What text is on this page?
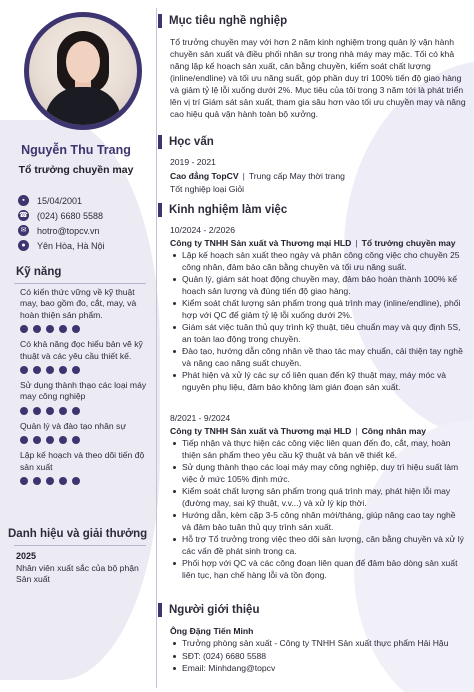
Nguyễn Thu Trang
Tổ trưởng chuyền may
▪	15/04/2001
☎ (024) 6680 5588
✉ hotro@topcv.vn
●	Yên Hòa, Hà Nội
Kỹ năng
Có kiến thức vững về kỹ thuật may, bao gồm đo, cắt, may, và hoàn thiện sản phẩm.
Có khả năng đọc hiểu bản vẽ kỹ thuật và các yêu cầu thiết kế.
Sử dụng thành thạo các loại máy may công nghiệp
Quản lý và đào tạo nhân sự
Lập kế hoạch và theo dõi tiến độ sản xuất
Danh hiệu và giải thưởng
2025
Nhân viên xuất sắc của bộ phận Sản xuất
Mục tiêu nghề nghiệp
Tổ trưởng chuyền may với hơn 2 năm kinh nghiệm trong quản lý vận hành chuyền sản xuất và điều phối nhân sự trong nhà máy may mặc. Tối có khả năng lập kế hoạch sản xuất, cân bằng chuyền, kiểm soát chất lượng (inline/endline) và tối ưu năng suất, góp phần duy trì 100% tiến độ giao hàng và giảm tỷ lệ lỗi xuống dưới 2%. Mục tiêu của tôi trong 3 năm tới là phát triển lên vị trí Giám sát sản xuất, tham gia sâu hơn vào tối ưu chuyền may và nâng cao hiệu quả vận hành toàn bộ xưởng.
Học vấn
2019 - 2021
Cao đẳng TopCV | Trung cấp May thời trang
Tốt nghiệp loại Giỏi
Kinh nghiệm làm việc
10/2024 - 2/2026
Công ty TNHH Sản xuất và Thương mại HLD | Tổ trưởng chuyền may
Lập kế hoạch sản xuất theo ngày và phân công công việc cho chuyền 25 công nhân, đảm bảo cân bằng chuyền và tối ưu năng suất.
Quản lý, giám sát hoạt động chuyền may, đảm bảo hoàn thành 100% kế hoạch sản lượng và đúng tiến độ giao hàng.
Kiểm soát chất lượng sản phẩm trong quá trình may (inline/endline), phối hợp với QC để giảm tỷ lệ lỗi xuống dưới 2%.
Giám sát việc tuân thủ quy trình kỹ thuật, tiêu chuẩn may và quy định 5S, an toàn lao động trong chuyền.
Đào tạo, hướng dẫn công nhân về thao tác may chuẩn, cải thiện tay nghề và nâng cao năng suất chuyền.
Phát hiện và xử lý các sự cố liên quan đến kỹ thuật may, máy móc và nguyên phụ liệu, đảm bảo không làm gián đoạn sản xuất.
8/2021 - 9/2024
Công ty TNHH Sản xuất và Thương mại HLD | Công nhân may
Tiếp nhận và thực hiện các công việc liên quan đến đo, cắt, may, hoàn thiện sản phẩm theo yêu cầu kỹ thuật và bản vẽ thiết kế.
Sử dụng thành thạo các loại máy may công nghiệp, duy trì hiệu suất làm việc ở mức 105% định mức.
Kiểm soát chất lượng sản phẩm trong quá trình may, phát hiện lỗi may (đường may, sai kỹ thuật, v.v...) và xử lý kịp thời.
Hướng dẫn, kèm cặp 3-5 công nhân mới/tháng, giúp nâng cao tay nghề và đảm bảo tuân thủ quy trình sản xuất.
Hỗ trợ Tổ trưởng trong việc theo dõi sản lượng, cân bằng chuyền và xử lý các vấn đề phát sinh trong ca.
Phối hợp với QC và các công đoạn liên quan để đảm bảo dòng sản xuất liên tục, hạn chế hàng lỗi và tồn đọng.
Người giới thiệu
Ông Đặng Tiến Minh
Trưởng phòng sản xuất - Công ty TNHH Sản xuất thực phẩm Hải Hậu
SĐT: (024) 6680 5588
Email: Minhdang@topcv
